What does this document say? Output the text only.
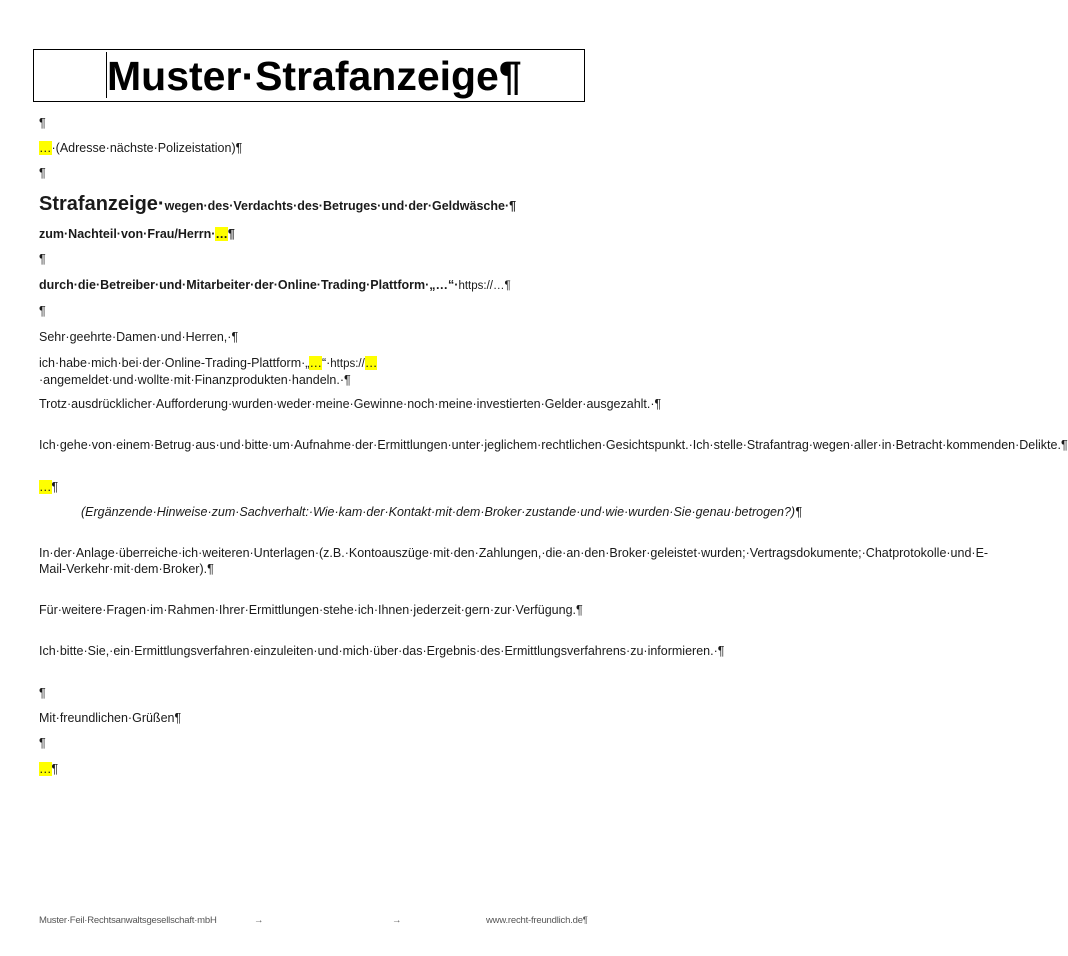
Muster·Strafanzeige¶
¶
…·(Adresse·nächste·Polizeistation)¶
¶
Strafanzeige·wegen·des·Verdachts·des·Betruges·und·der·Geldwäsche·¶
zum·Nachteil·von·Frau/Herrn·…¶
¶
durch·die·Betreiber·und·Mitarbeiter·der·Online·Trading·Plattform·„…“·https://…¶
¶
Sehr·geehrte·Damen·und·Herren,·¶
ich·habe·mich·bei·der·Online-Trading-Plattform·„…“·https://…·angemeldet·und·wollte·mit·Finanzprodukten·handeln.·¶
Trotz·ausdrücklicher·Aufforderung·wurden·weder·meine·Gewinne·noch·meine·investierten·Gelder·ausgezahlt.·¶
Ich·gehe·von·einem·Betrug·aus·und·bitte·um·Aufnahme·der·Ermittlungen·unter·jeglichem·rechtlichen·Gesichtspunkt.·Ich·stelle·Strafantrag·wegen·aller·in·Betracht·kommenden·Delikte.¶
…¶
(Ergänzende·Hinweise·zum·Sachverhalt:·Wie·kam·der·Kontakt·mit·dem·Broker·zustande·und·wie·wurden·Sie·genau·betrogen?)¶
In·der·Anlage·überreiche·ich·weiteren·Unterlagen·(z.B.·Kontoauszüge·mit·den·Zahlungen,·die·an·den·Broker·geleistet·wurden;·Vertragsdokumente;·Chatprotokolle·und·E-Mail-Verkehr·mit·dem·Broker).¶
Für·weitere·Fragen·im·Rahmen·Ihrer·Ermittlungen·stehe·ich·Ihnen·jederzeit·gern·zur·Verfügung.¶
Ich·bitte·Sie,·ein·Ermittlungsverfahren·einzuleiten·und·mich·über·das·Ergebnis·des·Ermittlungsverfahrens·zu·informieren.·¶
¶
Mit·freundlichen·Grüßen¶
¶
…¶
Muster·Feil·Rechtsanwaltsgesellschaft·mbH	→	→	www.recht-freundlich.de¶
